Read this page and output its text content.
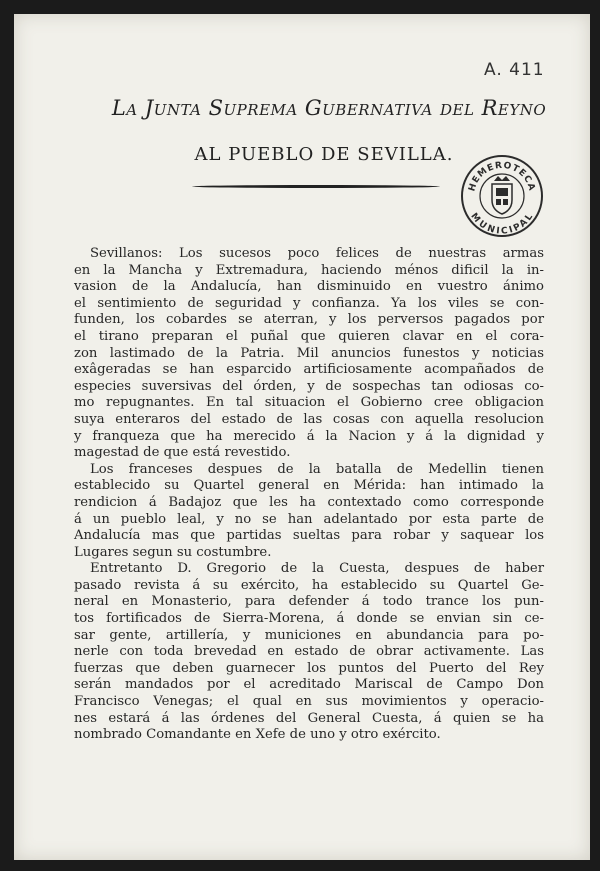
A. 411
La Junta Suprema Gubernativa del Reyno
AL PUEBLO DE SEVILLA.
HEMEROTECA
MUNICIPAL
Sevillanos: Los sucesos poco felices de nuestras armas
en la Mancha y Extremadura, haciendo ménos dificil la in-
vasion de la Andalucía, han disminuido en vuestro ánimo
el sentimiento de seguridad y confianza. Ya los viles se con-
funden, los cobardes se aterran, y los perversos pagados por
el tirano preparan el puñal que quieren clavar en el cora-
zon lastimado de la Patria. Mil anuncios funestos y noticias
exâgeradas se han esparcido artificiosamente acompañados de
especies suversivas del órden, y de sospechas tan odiosas co-
mo repugnantes. En tal situacion el Gobierno cree obligacion
suya enteraros del estado de las cosas con aquella resolucion
y franqueza que ha merecido á la Nacion y á la dignidad y
magestad de que está revestido.
Los franceses despues de la batalla de Medellin tienen
establecido su Quartel general en Mérida: han intimado la
rendicion á Badajoz que les ha contextado como corresponde
á un pueblo leal, y no se han adelantado por esta parte de
Andalucía mas que partidas sueltas para robar y saquear los
Lugares segun su costumbre.
Entretanto D. Gregorio de la Cuesta, despues de haber
pasado revista á su exército, ha establecido su Quartel Ge-
neral en Monasterio, para defender á todo trance los pun-
tos fortificados de Sierra-Morena, á donde se envian sin ce-
sar gente, artillería, y municiones en abundancia para po-
nerle con toda brevedad en estado de obrar activamente. Las
fuerzas que deben guarnecer los puntos del Puerto del Rey
serán mandados por el acreditado Mariscal de Campo Don
Francisco Venegas; el qual en sus movimientos y operacio-
nes estará á las órdenes del General Cuesta, á quien se ha
nombrado Comandante en Xefe de uno y otro exército.
